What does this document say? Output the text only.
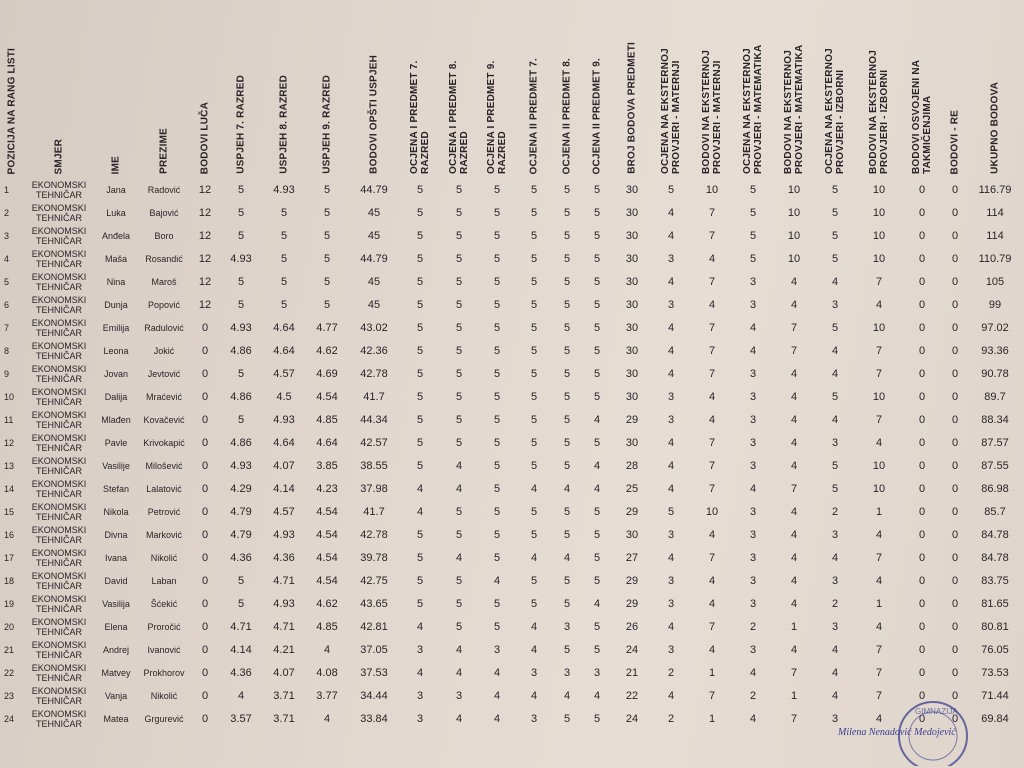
POZICIJA NA RANG LISTI	SMJER	IME	PREZIME	BODOVI LUČA	USPJEH 7. RAZRED	USPJEH 8. RAZRED	USPJEH 9. RAZRED	BODOVI OPŠTI USPJEH	OCJENA I PREDMET 7. RAZRED	OCJENA I PREDMET 8. RAZRED	OCJENA I PREDMET 9. RAZRED	OCJENA II PREDMET 7.	OCJENA II PREDMET 8.	OCJENA II PREDMET 9.	BROJ BODOVA PREDMETI	OCJENA NA EKSTERNOJ PROVJERI - MATERNJI	BODOVI NA EKSTERNOJ PROVJERI - MATERNJI	OCJENA NA EKSTERNOJ PROVJERI - MATEMATIKA	BODOVI NA EKSTERNOJ PROVJERI - MATEMATIKA	OCJENA NA EKSTERNOJ PROVJERI - IZBORNI	BODOVI NA EKSTERNOJ PROVJERI - IZBORNI	BODOVI OSVOJENI NA TAKMIČENJIMA	BODOVI - RE	UKUPNO BODOVA

1	EKONOMSKI TEHNIČAR	Jana	Radović	12	5	4.93	5	44.79	5	5	5	5	5	5	30	5	10	5	10	5	10	0	0	116.79
2	EKONOMSKI TEHNIČAR	Luka	Bajović	12	5	5	5	45	5	5	5	5	5	5	30	4	7	5	10	5	10	0	0	114
3	EKONOMSKI TEHNIČAR	Anđela	Boro	12	5	5	5	45	5	5	5	5	5	5	30	4	7	5	10	5	10	0	0	114
4	EKONOMSKI TEHNIČAR	Maša	Rosandić	12	4.93	5	5	44.79	5	5	5	5	5	5	30	3	4	5	10	5	10	0	0	110.79
5	EKONOMSKI TEHNIČAR	Nina	Maroš	12	5	5	5	45	5	5	5	5	5	5	30	4	7	3	4	4	7	0	0	105
6	EKONOMSKI TEHNIČAR	Dunja	Popović	12	5	5	5	45	5	5	5	5	5	5	30	3	4	3	4	3	4	0	0	99
7	EKONOMSKI TEHNIČAR	Emilija	Radulović	0	4.93	4.64	4.77	43.02	5	5	5	5	5	5	30	4	7	4	7	5	10	0	0	97.02
8	EKONOMSKI TEHNIČAR	Leona	Jokić	0	4.86	4.64	4.62	42.36	5	5	5	5	5	5	30	4	7	4	7	4	7	0	0	93.36
9	EKONOMSKI TEHNIČAR	Jovan	Jevtović	0	5	4.57	4.69	42.78	5	5	5	5	5	5	30	4	7	3	4	4	7	0	0	90.78
10	EKONOMSKI TEHNIČAR	Dalija	Mraćević	0	4.86	4.5	4.54	41.7	5	5	5	5	5	5	30	3	4	3	4	5	10	0	0	89.7
11	EKONOMSKI TEHNIČAR	Mlađen	Kovačević	0	5	4.93	4.85	44.34	5	5	5	5	5	4	29	3	4	3	4	4	7	0	0	88.34
12	EKONOMSKI TEHNIČAR	Pavle	Krivokapić	0	4.86	4.64	4.64	42.57	5	5	5	5	5	5	30	4	7	3	4	3	4	0	0	87.57
13	EKONOMSKI TEHNIČAR	Vasilije	Milošević	0	4.93	4.07	3.85	38.55	5	4	5	5	5	4	28	4	7	3	4	5	10	0	0	87.55
14	EKONOMSKI TEHNIČAR	Stefan	Lalatović	0	4.29	4.14	4.23	37.98	4	4	5	4	4	4	25	4	7	4	7	5	10	0	0	86.98
15	EKONOMSKI TEHNIČAR	Nikola	Petrović	0	4.79	4.57	4.54	41.7	4	5	5	5	5	5	29	5	10	3	4	2	1	0	0	85.7
16	EKONOMSKI TEHNIČAR	Divna	Marković	0	4.79	4.93	4.54	42.78	5	5	5	5	5	5	30	3	4	3	4	3	4	0	0	84.78
17	EKONOMSKI TEHNIČAR	Ivana	Nikolić	0	4.36	4.36	4.54	39.78	5	4	5	4	4	5	27	4	7	3	4	4	7	0	0	84.78
18	EKONOMSKI TEHNIČAR	David	Laban	0	5	4.71	4.54	42.75	5	5	4	5	5	5	29	3	4	3	4	3	4	0	0	83.75
19	EKONOMSKI TEHNIČAR	Vasilija	Šćekić	0	5	4.93	4.62	43.65	5	5	5	5	5	4	29	3	4	3	4	2	1	0	0	81.65
20	EKONOMSKI TEHNIČAR	Elena	Proročić	0	4.71	4.71	4.85	42.81	4	5	5	4	3	5	26	4	7	2	1	3	4	0	0	80.81
21	EKONOMSKI TEHNIČAR	Andrej	Ivanović	0	4.14	4.21	4	37.05	3	4	3	4	5	5	24	3	4	3	4	4	7	0	0	76.05
22	EKONOMSKI TEHNIČAR	Matvey	Prokhorov	0	4.36	4.07	4.08	37.53	4	4	4	3	3	3	21	2	1	4	7	4	7	0	0	73.53
23	EKONOMSKI TEHNIČAR	Vanja	Nikolić	0	4	3.71	3.77	34.44	3	3	4	4	4	4	22	4	7	2	1	4	7	0	0	71.44
24	EKONOMSKI TEHNIČAR	Matea	Grgurević	0	3.57	3.71	4	33.84	3	4	4	3	5	5	24	2	1	4	7	3	4	0	0	69.84
GIMNAZIJA
Milena Nenadović Medojević
